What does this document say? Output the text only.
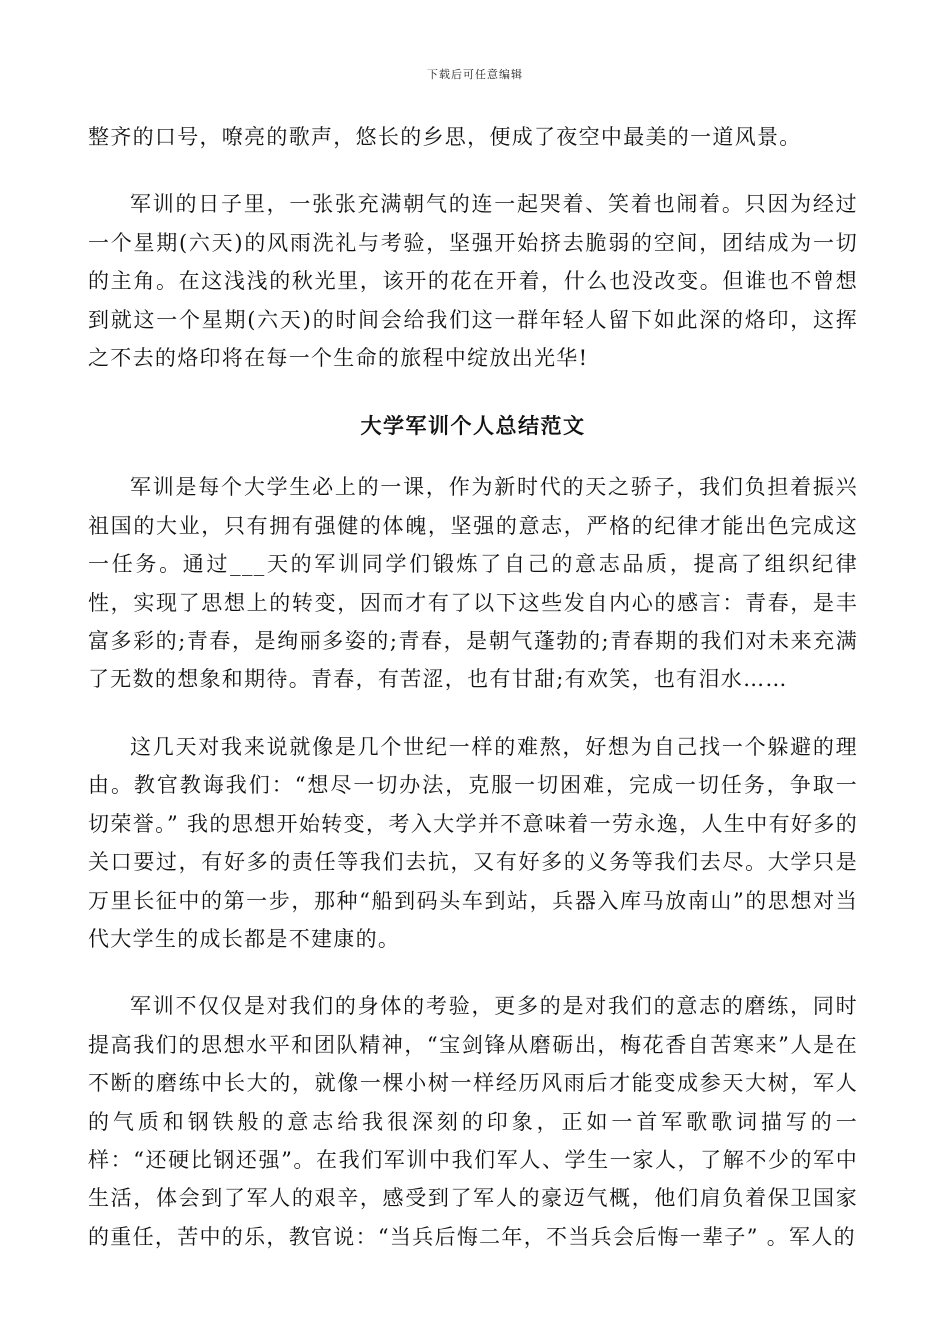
下载后可任意编辑

整齐的口号，嘹亮的歌声，悠长的乡思，便成了夜空中最美的一道风景。

军训的日子里，一张张充满朝气的连一起哭着、笑着也闹着。只因为经过一个星期(六天)的风雨洗礼与考验，坚强开始挤去脆弱的空间，团结成为一切的主角。在这浅浅的秋光里，该开的花在开着，什么也没改变。但谁也不曾想到就这一个星期(六天)的时间会给我们这一群年轻人留下如此深的烙印，这挥之不去的烙印将在每一个生命的旅程中绽放出光华!

大学军训个人总结范文

军训是每个大学生必上的一课，作为新时代的天之骄子，我们负担着振兴祖国的大业，只有拥有强健的体魄，坚强的意志，严格的纪律才能出色完成这一任务。通过___天的军训同学们锻炼了自己的意志品质，提高了组织纪律性，实现了思想上的转变，因而才有了以下这些发自内心的感言：青春，是丰富多彩的;青春，是绚丽多姿的;青春，是朝气蓬勃的;青春期的我们对未来充满了无数的想象和期待。青春，有苦涩，也有甘甜;有欢笑，也有泪水……

这几天对我来说就像是几个世纪一样的难熬，好想为自己找一个躲避的理由。教官教诲我们：“想尽一切办法，克服一切困难，完成一切任务，争取一切荣誉。” 我的思想开始转变，考入大学并不意味着一劳永逸，人生中有好多的关口要过，有好多的责任等我们去抗，又有好多的义务等我们去尽。大学只是万里长征中的第一步，那种“船到码头车到站，兵器入库马放南山”的思想对当代大学生的成长都是不建康的。

军训不仅仅是对我们的身体的考验，更多的是对我们的意志的磨练，同时提高我们的思想水平和团队精神，“宝剑锋从磨砺出，梅花香自苦寒来”人是在不断的磨练中长大的，就像一棵小树一样经历风雨后才能变成参天大树，军人的气质和钢铁般的意志给我很深刻的印象，正如一首军歌歌词描写的一样：“还硬比钢还强”。在我们军训中我们军人、学生一家人，了解不少的军中生活，体会到了军人的艰辛，感受到了军人的豪迈气概，他们肩负着保卫国家的重任，苦中的乐，教官说：“当兵后悔二年，不当兵会后悔一辈子” 。军人的
